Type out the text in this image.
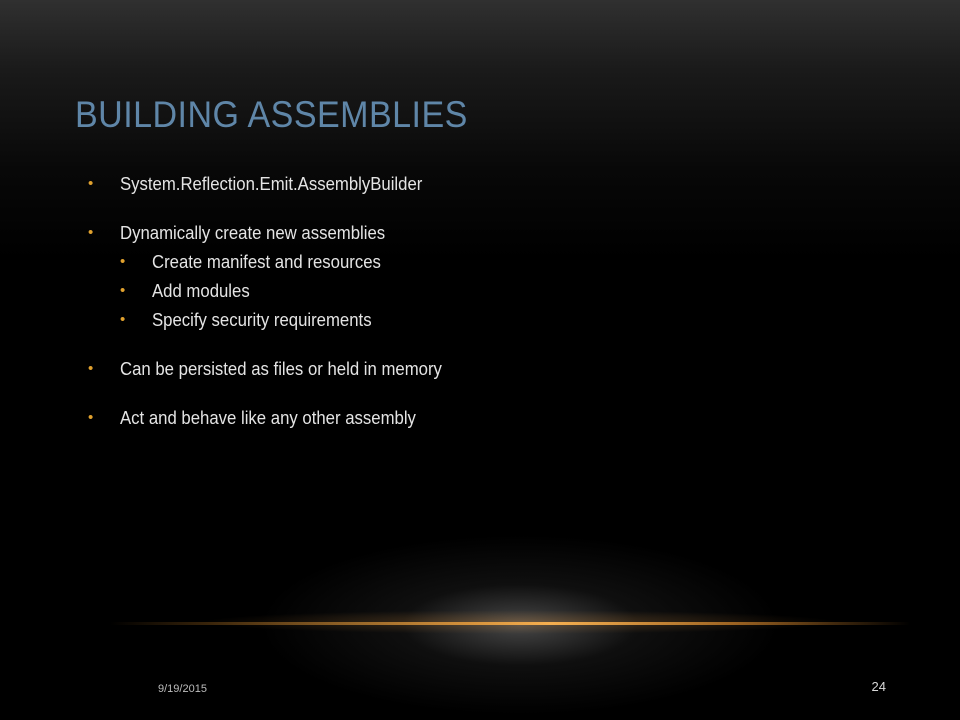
BUILDING ASSEMBLIES
• System.Reflection.Emit.AssemblyBuilder
• Dynamically create new assemblies
• Create manifest and resources
• Add modules
• Specify security requirements
• Can be persisted as files or held in memory
• Act and behave like any other assembly
9/19/2015	24
